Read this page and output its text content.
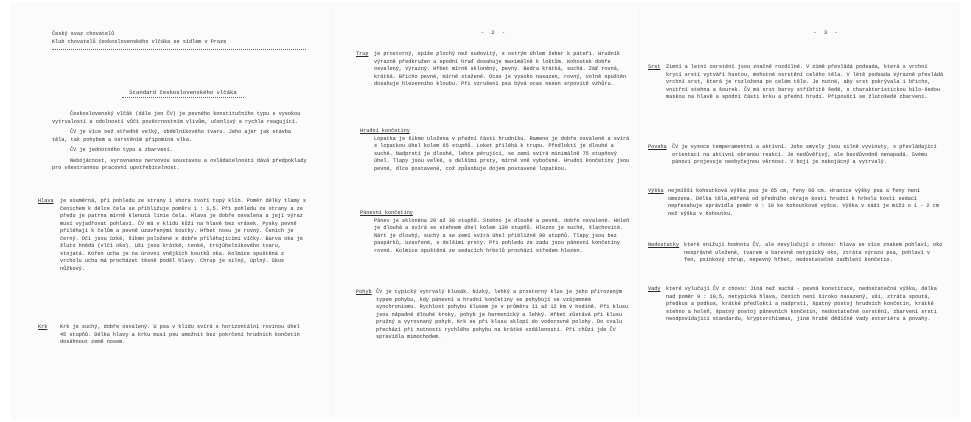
Český svaz chovatelů
Klub chovatelů československého vlčáka se sídlem v Praze
Standard československého vlčáka
Československý vlčák (dále jen ČV) je pevného konstitučního typu s vysokou vytrvalostí a odolností vůči povětrnostním vlivům, učenlivý a rychle reagující.
ČV je více než středně velký, obdélníkového tvaru. Jeho ajer jak stavba těla, tak pohybem a osrstěním připomíná vlka.
ČV je jednotného typu a zbarvení.
Nebojácnost, vyrovnanou nervovou soustavou a ovládatelností dává předpoklady pro všestrannou pracovní upotřebitelnost.
Hlava je souměrná, při pohledu ze strany i shora tvoří tupý klín. Poměr délky tlamy s čenichem k délce čela se přibližuje poměru 1 : 1,5. Při pohledu ze strany a ze předu je patrna mírně klenutá linie čela. Hlava je dobře osvalena a její výraz musí vyjadřovat pohlaví. ČV má v klidu kůži na hlavě bez vrásek. Pysky pevně přiléhají k čelům a pevně uzavřenými koutky. Hřbet nosu je rovný. Čenich je černý. Oči jsou úzké, šikmo položené s dobře přiléhajícími víčky. Barva oka je žluto hnědá (vlčí oko). Uši jsou krátké, tenké, trojúhelníkového tvaru, stojatá. Kořen ucha je na úrovni vnějších koutků oka. Kolmice spuštěná z vrcholu ucha má procházet těsně podél hlavy. Chrup je silný, úplný. Skus nůžkový.
Krk Krk je suchý, dobře osvalený. U psa v klidu svírá s horizontální rovinou úhel 45 stupňů. Délka hlavy a krku musí psu umožnit bez pokrčení hrudních končetin dosáhnout země nosem.
- 2 -
Trup je prostorný, spíše plochý než sudovitý, s ostrým úhlem žeber k páteři. Hrudník výrazně předkružen a spodní hruď dosahuje maximálně k loktům. Kohoutek dobře osvalený, výrazný. Hřbet mírně skloněný, pevný. Bedra krátká, suchá. Záď rovná, krátká. Břicho pevné, mírně stažené. Ocas je vysoko nasazen, rovný, volně spuštěn dosahuje hlezenního kloubu. Při vzrušení psa bývá ocas nesen srpovitě vzhůru.
Hrudní končetiny
Lopatka je šikmo uložena v přední části hrudníku. Rameno je dobře osvalené a svírá s lopatkou úhel kolem 65 stupňů. Loket přiléhá k trupu. Předloktí je dlouhé a suché. Nadprstí je dlouhé, lehce pérující, se zemí svírá minimálně 75 stupňový úhel. Tlapy jsou velké, s delšími prsty, mírně vně vybočené. Hrudní končetiny jsou pevné, dlce postavené, což způsobuje dojem postavené lopatkou.
Pánevní končetiny
Pánev je skloněna 20 až 30 stupňů. Stehno je dlouhé a pevně, dobře osvalené. Holeň je dlouhá a svírá se stehnem úhel kolem 130 stupňů. Hlezno je suché, šlachovité. Nárt je dlouhý, suchý a se zemí svírá úhel přibližně 90 stupňů. Tlapy jsou bez paspárků, uzavřené, s delšími prsty. Při pohledu ze zadu jsou pánevní končetiny rovné. Kolmice spuštěná ze sedacích hrbolů prochází středem hlezen.
Pohyb ČV je typický vytrvalý klusák. Nízký, lehký a prostorný klus je jeho přirozeným typem pohybu, kdy pánevní a hrudní končetiny se pohybují ve vzájemném synchronismu. Rychlost pohybu klusem je v průměru 11 až 12 km v hodině. Při klusu jsou nápadné dlouhé kroky, pohyb je harmonický a lehký. Hřbet zůstává při klusu pružný a vyrovnaný pohyb. Krk se při klusu sklopí do vodorovné polohy. Do cvalu přechází při nutnosti rychlého pohybu na krátké vzdálenosti. Při chůzi jde ČV spravidla mimochodem.
- 3 -
Srst Zimní a letní osrstění jsou značně rozdílné. V zimě převládá podsada, která s vrchní krycí srstí vytváří hustou, mohutné osrstění celého těla. V létě podsada výrazně převládá vrchní srst, která je rozložena po celém těle. Je nutné, aby srst pokrývala i břicho, vnitřní stehna a šourek. ČV má srst barvy stříbřitě šedé, s charakteristickou bílo-šedou maskou na hlavě a spodní části krku a přední hrudi. Připouští se žlutošedé zbarvení.
Povaha ČV je vysoce temperamentní a aktivní. Jeho smysly jsou silně vyvinuty, s převládající orientací na aktivní obranou reakcí. Je nedůvěřivý, ale bezdůvodně nenapadá. Svému pánovi projevuje neobyčejnou věrnost. V boji je nebojácný a vytrvalý.
Výška nejmíšší kohoutková výška psa je 65 cm, feny 60 cm. Hranice výšky psa a feny není omezena. Délka těla,měřená od předního okraje kosti hrudní k hrbolu kosti sedací nepřesahuje správidla poměr 9 : 10 ke kohoutkové výšce. Výška v sádi je míží o 1 - 2 cm než výška v kohoutku.
Nedostatky které snižují hodnotu ČV, ale nevylučují z chovu: hlava se více znakem pohlaví, oko nesprávně uložené, tvarem a barevně netypický oko, ztráta výrazu psa, pohlaví v fen, psinkový chrup, nepevný hřbet, nedostatečné zadhlení končetin.
Vady které vylučují ČV z chovu: Jiná než suchá - pevná konstituce, nedostatečná výška, délka nad poměr 9 : 10,5, netypická hlava, čenich není široko nasazený, uši, ztráta spoutá, předkus a podkus, krátké předloktí a nadprstí, špatný postoj hrudních končetin, krátké stehno a holeň, špatný postoj pánevních končetin, nedostatečné osrstění, zbarvení srsti neodpovídající standardu, kryptorchismus, jiné hrubé dědičné vady exteriéru a povahy.
